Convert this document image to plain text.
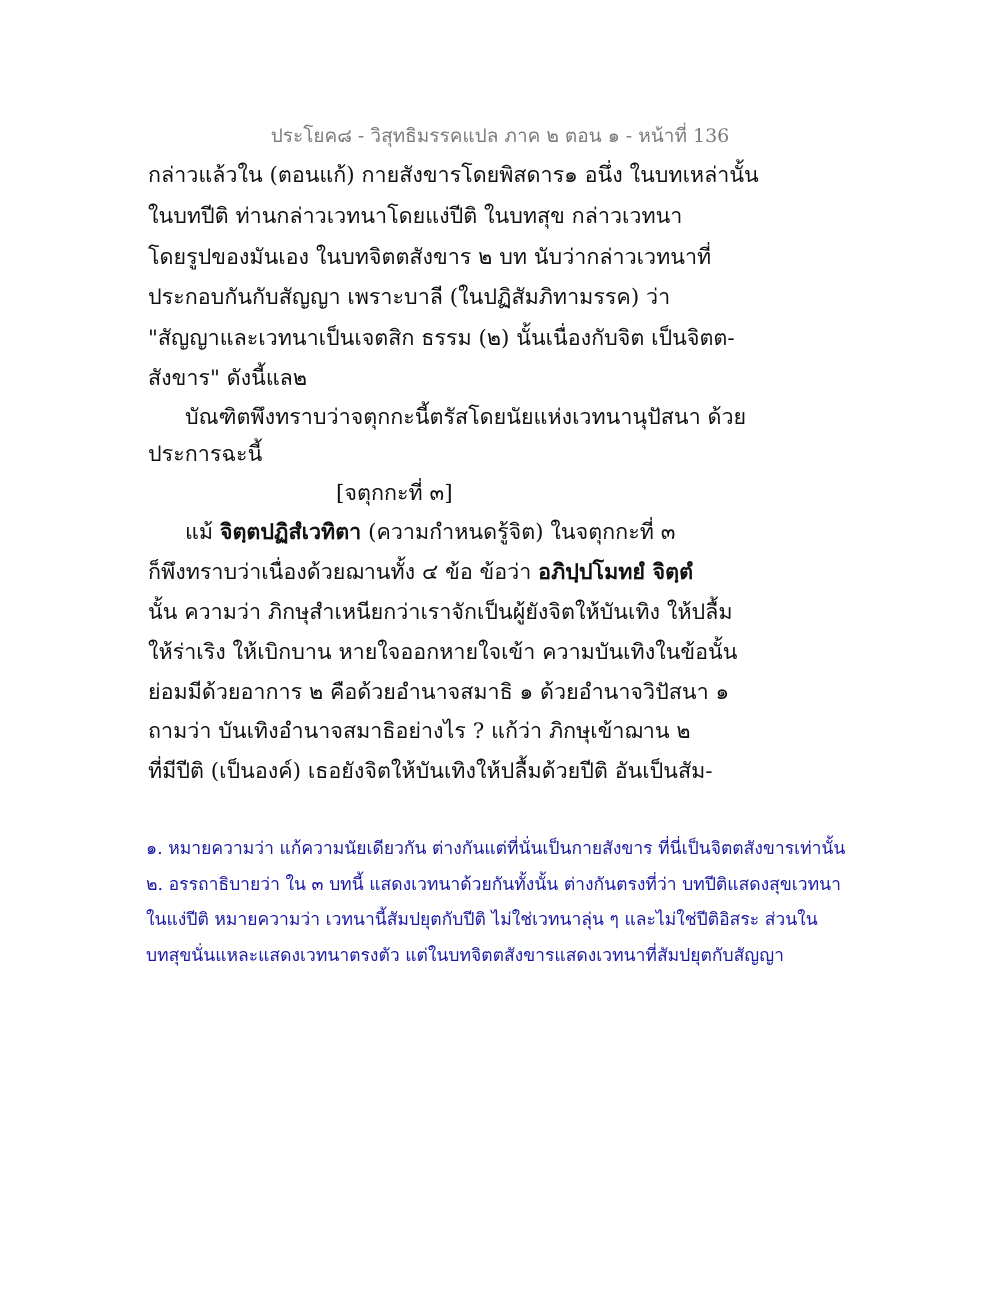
ประโยค๘ - วิสุทธิมรรคแปล ภาค ๒ ตอน ๑ - หน้าที่ 136
กล่าวแล้วใน (ตอนแก้) กายสังขารโดยพิสดาร๑ อนึ่ง ในบทเหล่านั้น
ในบทปีติ ท่านกล่าวเวทนาโดยแง่ปีติ ในบทสุข กล่าวเวทนา
โดยรูปของมันเอง ในบทจิตตสังขาร ๒ บท นับว่ากล่าวเวทนาที่
ประกอบกันกับสัญญา เพราะบาลี (ในปฏิสัมภิทามรรค) ว่า
"สัญญาและเวทนาเป็นเจตสิก ธรรม (๒) นั้นเนื่องกับจิต เป็นจิตต-
สังขาร" ดังนี้แล๒
บัณฑิตพึงทราบว่าจตุกกะนี้ตรัสโดยนัยแห่งเวทนานุปัสนา ด้วย
ประการฉะนี้
[จตุกกะที่ ๓]
แม้ จิตฺตปฏิสํเวทิตา (ความกำหนดรู้จิต) ในจตุกกะที่ ๓
ก็พึงทราบว่าเนื่องด้วยฌานทั้ง ๔ ข้อ ข้อว่า อภิปฺปโมทยํ จิตฺตํ
นั้น ความว่า ภิกษุสำเหนียกว่าเราจักเป็นผู้ยังจิตให้บันเทิง ให้ปลื้ม
ให้ร่าเริง ให้เบิกบาน หายใจออกหายใจเข้า ความบันเทิงในข้อนั้น
ย่อมมีด้วยอาการ ๒ คือด้วยอำนาจสมาธิ ๑ ด้วยอำนาจวิปัสนา ๑
ถามว่า บันเทิงอำนาจสมาธิอย่างไร ? แก้ว่า ภิกษุเข้าฌาน ๒
ที่มีปีติ (เป็นองค์) เธอยังจิตให้บันเทิงให้ปลื้มด้วยปีติ อันเป็นสัม-
๑. หมายความว่า แก้ความนัยเดียวกัน ต่างกันแต่ที่นั่นเป็นกายสังขาร ที่นี่เป็นจิตตสังขารเท่านั้น
๒. อรรถาธิบายว่า ใน ๓ บทนี้ แสดงเวทนาด้วยกันทั้งนั้น ต่างกันตรงที่ว่า บทปีติแสดงสุขเวทนา
ในแง่ปีติ หมายความว่า เวทนานี้สัมปยุตกับปีติ ไม่ใช่เวทนาลุ่น ๆ และไม่ใช่ปีติอิสระ ส่วนใน
บทสุขนั่นแหละแสดงเวทนาตรงตัว แต่ในบทจิตตสังขารแสดงเวทนาที่สัมปยุตกับสัญญา
